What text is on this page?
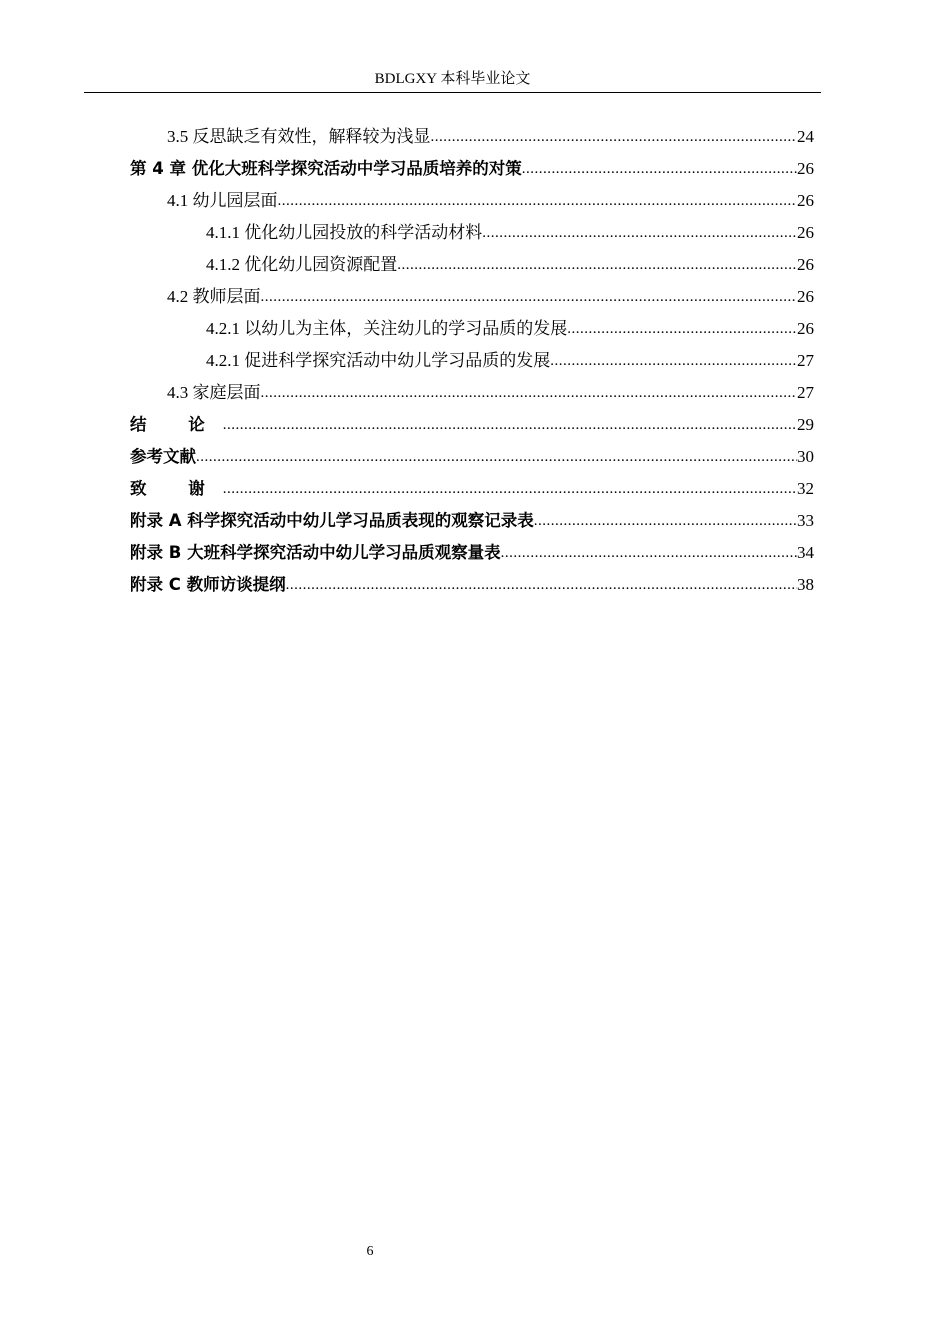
BDLGXY 本科毕业论文
3.5 反思缺乏有效性，解释较为浅显 .....	24
第 4 章 优化大班科学探究活动中学习品质培养的对策 .....	26
4.1 幼儿园层面 .....	26
4.1.1 优化幼儿园投放的科学活动材料 .....	26
4.1.2 优化幼儿园资源配置 .....	26
4.2 教师层面 .....	26
4.2.1 以幼儿为主体，关注幼儿的学习品质的发展 .....	26
4.2.1 促进科学探究活动中幼儿学习品质的发展 .....	27
4.3 家庭层面 .....	27
结 论 .....	29
参考文献 .....	30
致 谢 .....	32
附录 A 科学探究活动中幼儿学习品质表现的观察记录表 .....	33
附录 B 大班科学探究活动中幼儿学习品质观察量表 .....	34
附录 C 教师访谈提纲 .....	38
6
